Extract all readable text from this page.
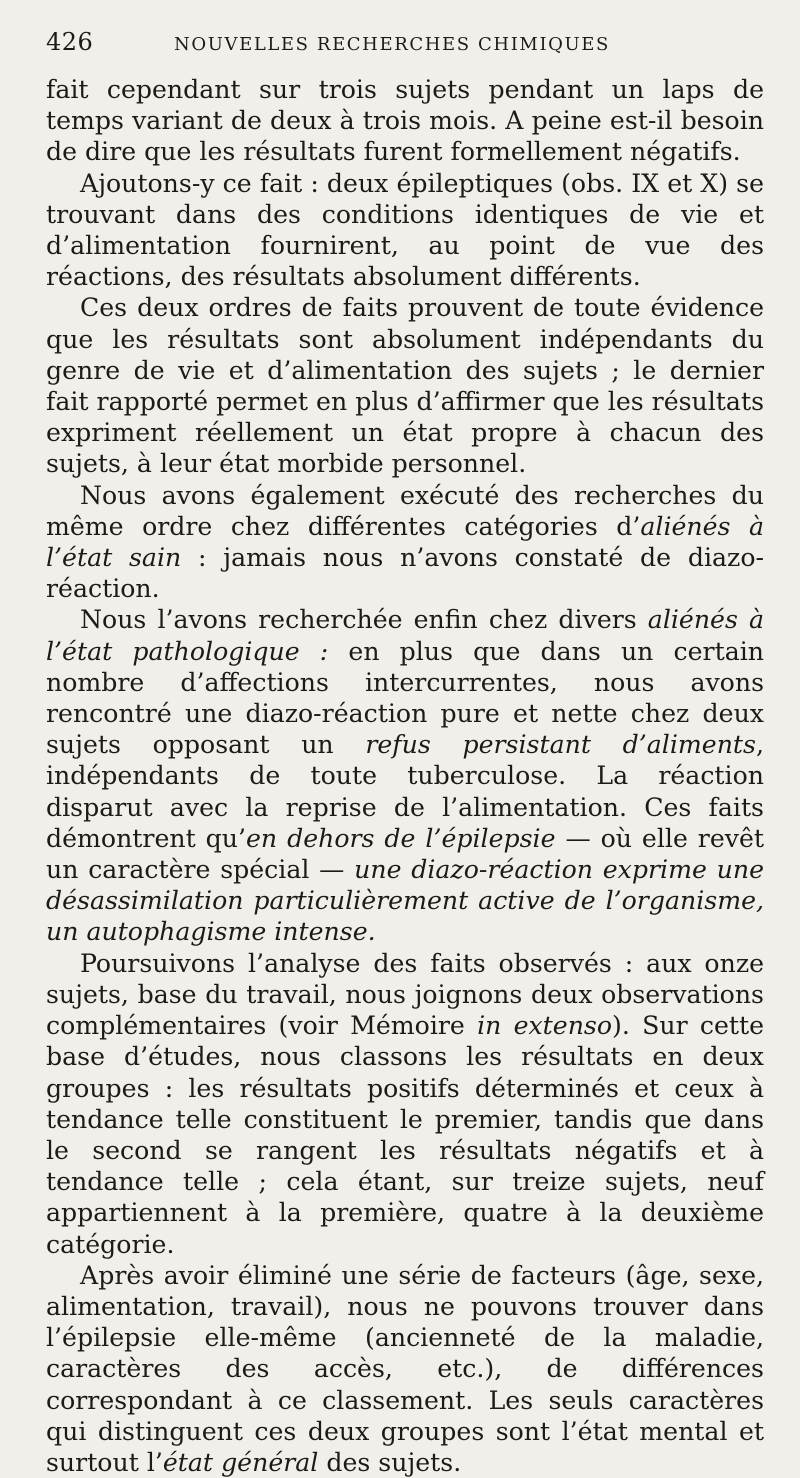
426	NOUVELLES RECHERCHES CHIMIQUES

fait cependant sur trois sujets pendant un laps de temps variant de deux à trois mois. A peine est-il besoin de dire que les résultats furent formellement négatifs.

Ajoutons-y ce fait : deux épileptiques (obs. IX et X) se trouvant dans des conditions identiques de vie et d’alimentation fournirent, au point de vue des réactions, des résultats absolument différents.

Ces deux ordres de faits prouvent de toute évidence que les résultats sont absolument indépendants du genre de vie et d’alimentation des sujets ; le dernier fait rapporté permet en plus d’affirmer que les résultats expriment réellement un état propre à chacun des sujets, à leur état morbide personnel.

Nous avons également exécuté des recherches du même ordre chez différentes catégories d’aliénés à l’état sain : jamais nous n’avons constaté de diazo-réaction.

Nous l’avons recherchée enfin chez divers aliénés à l’état pathologique : en plus que dans un certain nombre d’affections intercurrentes, nous avons rencontré une diazo-réaction pure et nette chez deux sujets opposant un refus persistant d’aliments, indépendants de toute tuberculose. La réaction disparut avec la reprise de l’alimentation. Ces faits démontrent qu’en dehors de l’épilepsie — où elle revêt un caractère spécial — une diazo-réaction exprime une désassimilation particulièrement active de l’organisme, un autophagisme intense.

Poursuivons l’analyse des faits observés : aux onze sujets, base du travail, nous joignons deux observations complémentaires (voir Mémoire in extenso). Sur cette base d’études, nous classons les résultats en deux groupes : les résultats positifs déterminés et ceux à tendance telle constituent le premier, tandis que dans le second se rangent les résultats négatifs et à tendance telle ; cela étant, sur treize sujets, neuf appartiennent à la première, quatre à la deuxième catégorie.

Après avoir éliminé une série de facteurs (âge, sexe, alimentation, travail), nous ne pouvons trouver dans l’épilepsie elle-même (ancienneté de la maladie, caractères des accès, etc.), de différences correspondant à ce classement. Les seuls caractères qui distinguent ces deux groupes sont l’état mental et surtout l’état général des sujets.
